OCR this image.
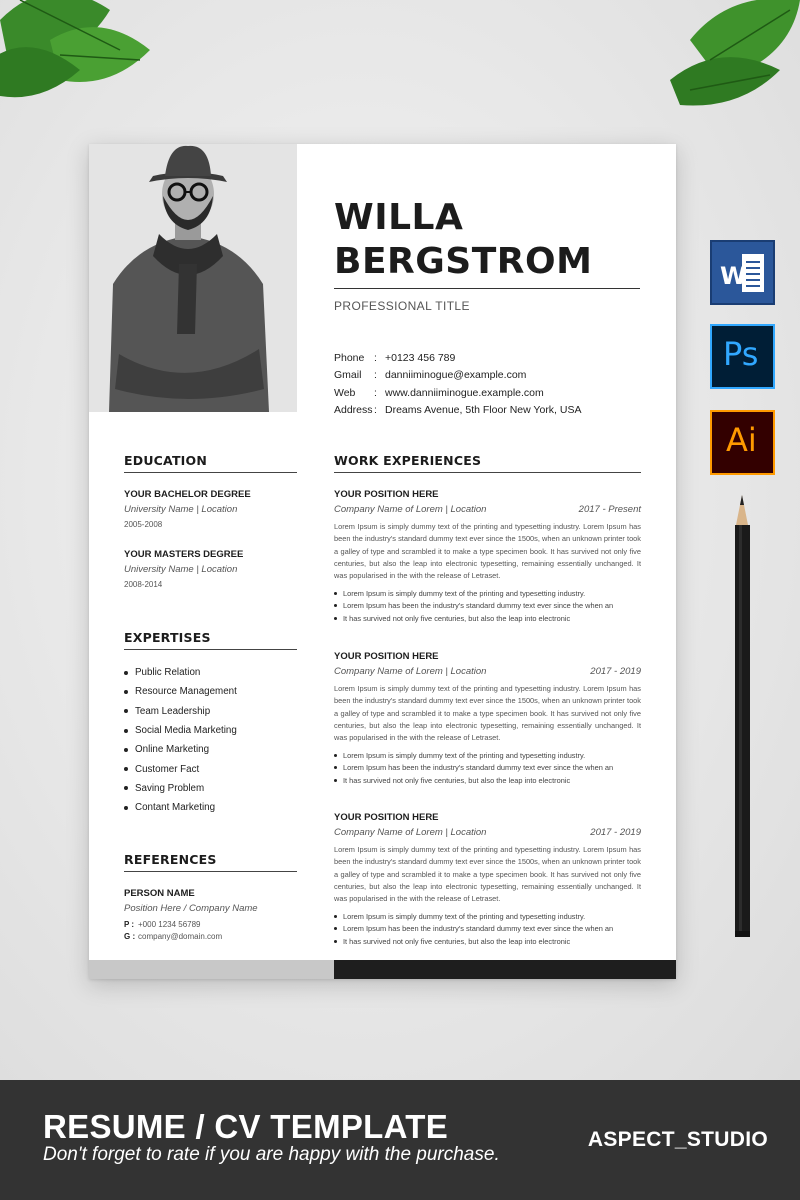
WILLA
BERGSTROM
PROFESSIONAL TITLE
Phone : +0123 456 789
Gmail	: danniiminogue@example.com
Web	: www.danniiminogue.example.com
Address : Dreams Avenue, 5th Floor New York, USA
EDUCATION
YOUR BACHELOR DEGREE
University Name | Location
2005-2008
YOUR MASTERS DEGREE
University Name | Location
2008-2014
EXPERTISES
Public Relation
Resource Management
Team Leadership
Social Media Marketing
Online Marketing
Customer Fact
Saving Problem
Contant Marketing
REFERENCES
PERSON NAME
Position Here / Company Name
P : +000 1234 56789
G : company@domain.com
WORK EXPERIENCES
YOUR POSITION HERE
Company Name of Lorem | Location	2017 - Present
Lorem Ipsum is simply dummy text of the printing and typesetting industry. Lorem Ipsum has been the industry's standard dummy text ever since the 1500s, when an unknown printer took a galley of type and scrambled it to make a type specimen book. It has survived not only five centuries, but also the leap into electronic typesetting, remaining essentially unchanged. It was popularised in the with the release of Letraset.
Lorem Ipsum is simply dummy text of the printing and typesetting industry.
Lorem Ipsum has been the industry's standard dummy text ever since the when an
It has survived not only five centuries, but also the leap into electronic
YOUR POSITION HERE
Company Name of Lorem | Location	2017 - 2019
Lorem Ipsum is simply dummy text of the printing and typesetting industry. Lorem Ipsum has been the industry's standard dummy text ever since the 1500s, when an unknown printer took a galley of type and scrambled it to make a type specimen book. It has survived not only five centuries, but also the leap into electronic typesetting, remaining essentially unchanged. It was popularised in the with the release of Letraset.
Lorem Ipsum is simply dummy text of the printing and typesetting industry.
Lorem Ipsum has been the industry's standard dummy text ever since the when an
It has survived not only five centuries, but also the leap into electronic
YOUR POSITION HERE
Company Name of Lorem | Location	2017 - 2019
Lorem Ipsum is simply dummy text of the printing and typesetting industry. Lorem Ipsum has been the industry's standard dummy text ever since the 1500s, when an unknown printer took a galley of type and scrambled it to make a type specimen book. It has survived not only five centuries, but also the leap into electronic typesetting, remaining essentially unchanged. It was popularised in the with the release of Letraset.
Lorem Ipsum is simply dummy text of the printing and typesetting industry.
Lorem Ipsum has been the industry's standard dummy text ever since the when an
It has survived not only five centuries, but also the leap into electronic
W
Ps
Ai
RESUME / CV TEMPLATE
Don't forget to rate if you are happy with the purchase.
ASPECT_STUDIO
